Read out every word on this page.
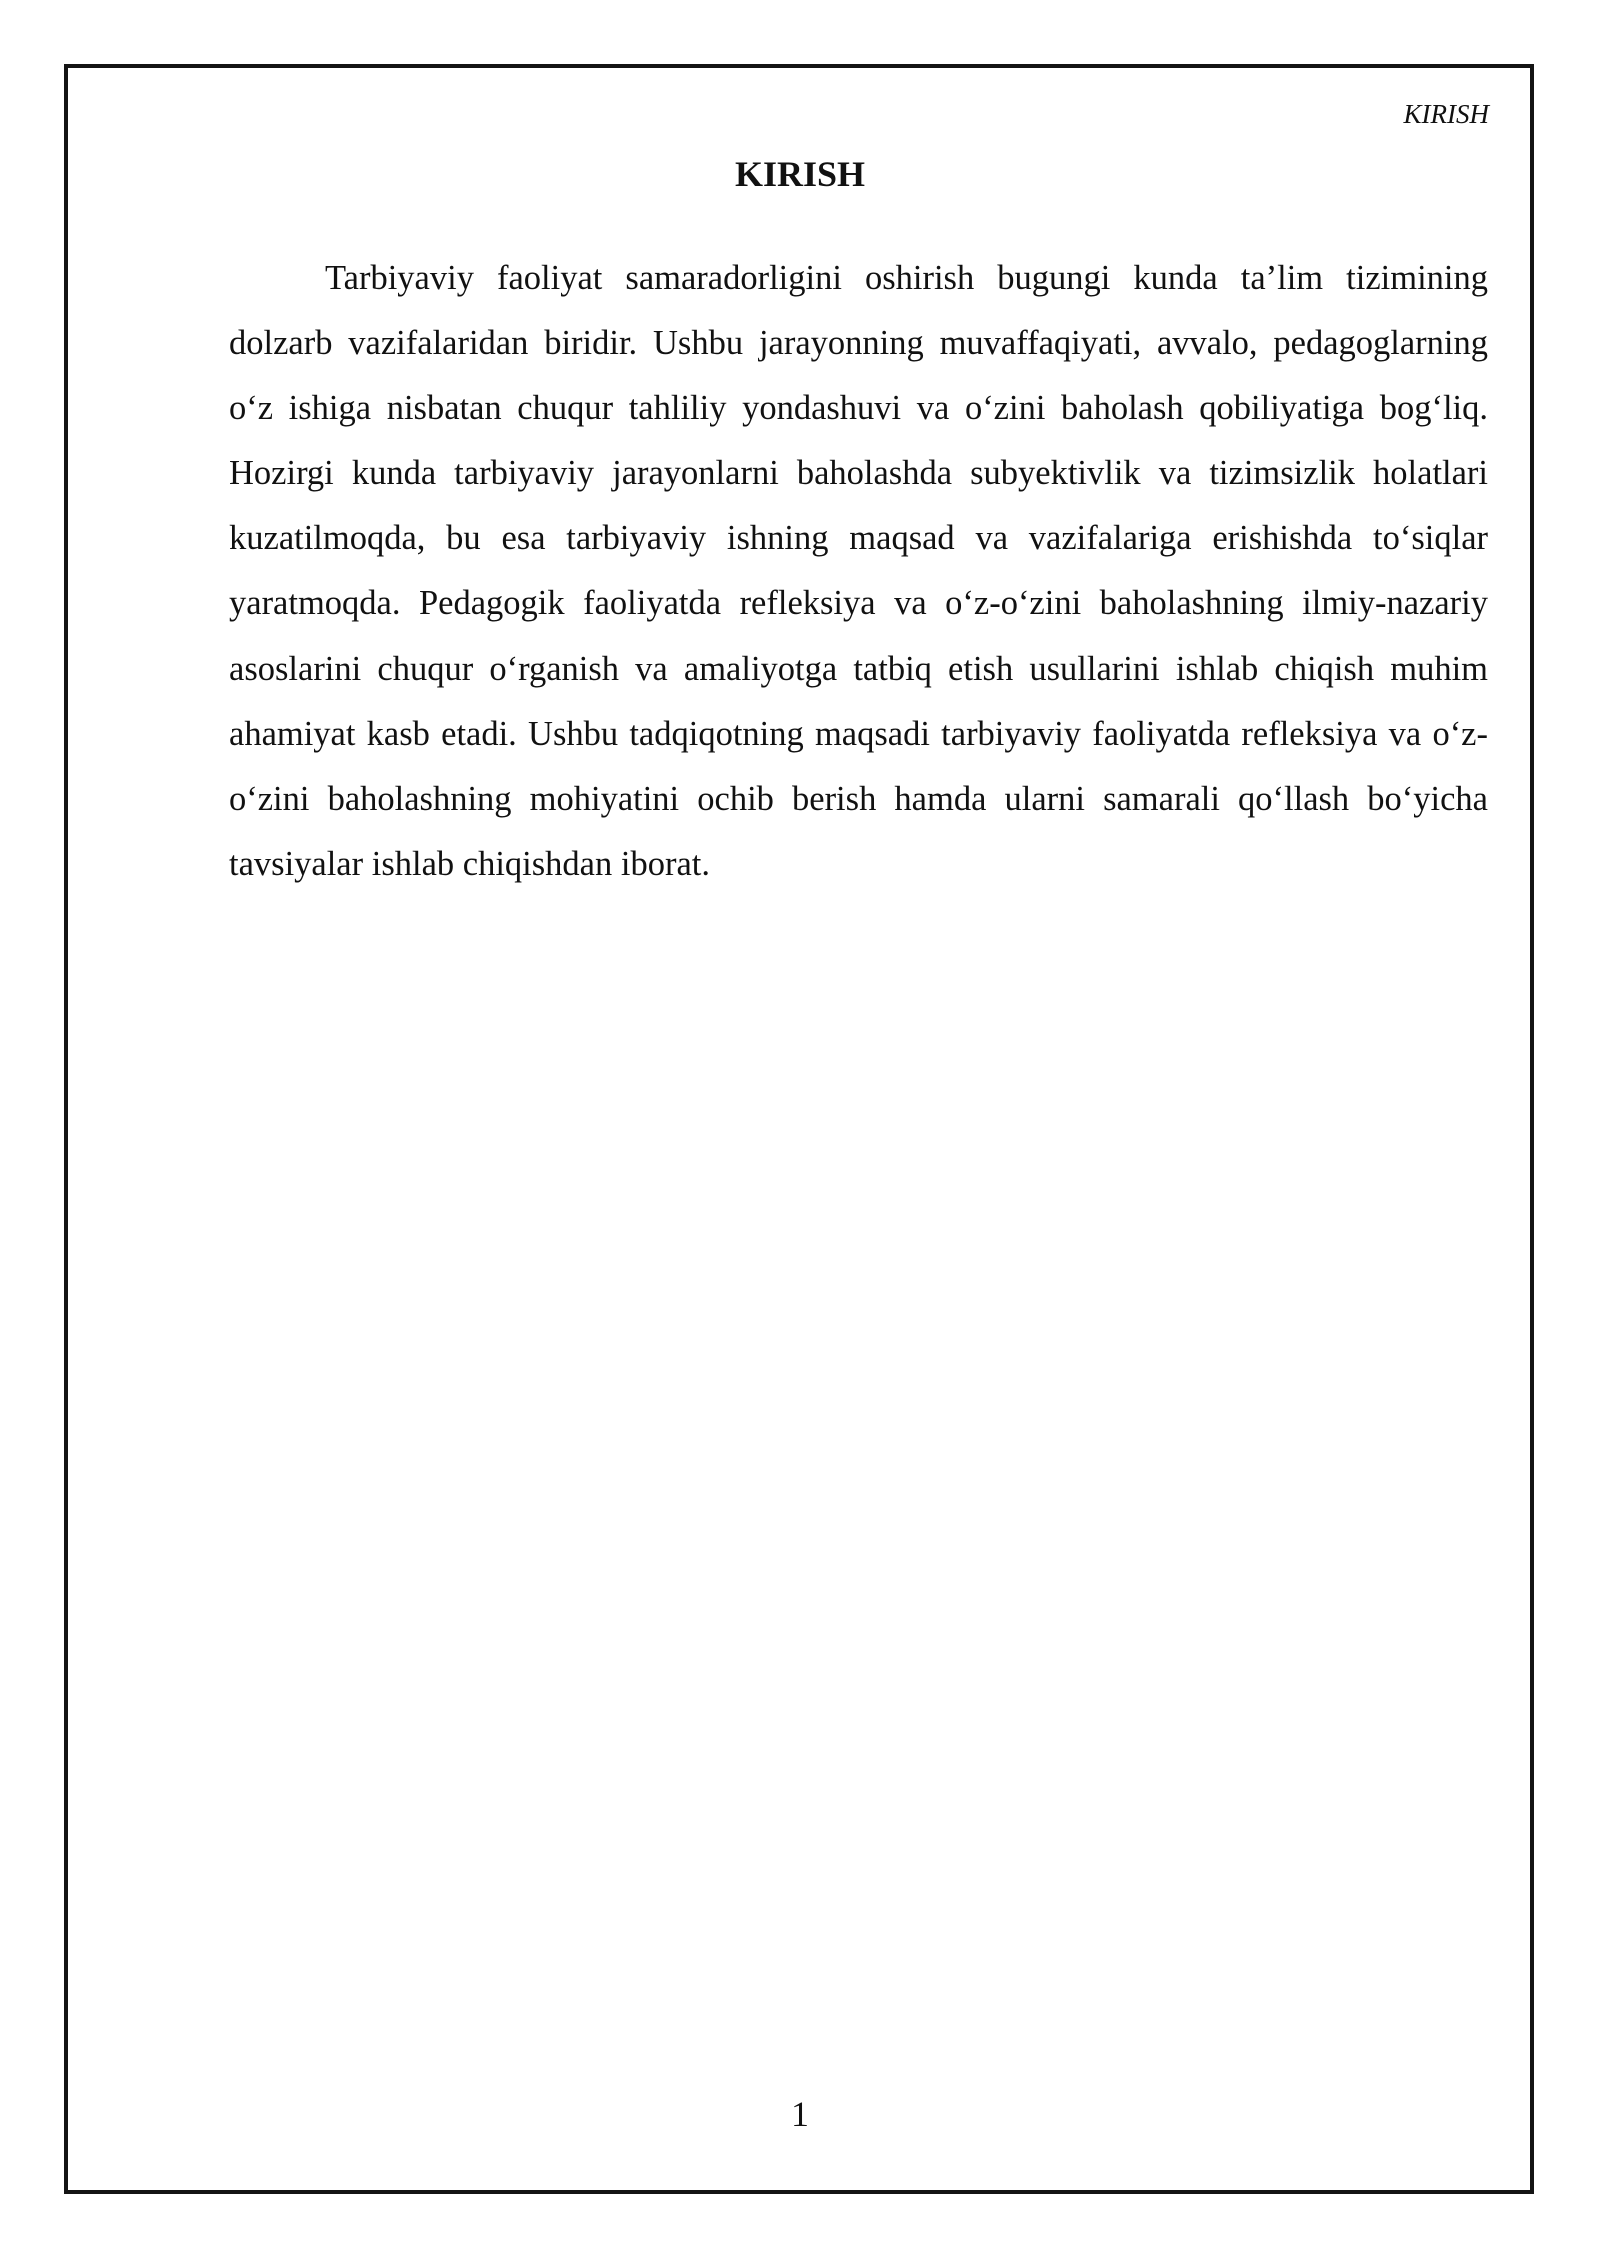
KIRISH
KIRISH

Tarbiyaviy faoliyat samaradorligini oshirish bugungi kunda ta’lim tizimining dolzarb vazifalaridan biridir. Ushbu jarayonning muvaffaqiyati, avvalo, pedagoglarning o‘z ishiga nisbatan chuqur tahliliy yondashuvi va o‘zini baholash qobiliyatiga bog‘liq. Hozirgi kunda tarbiyaviy jarayonlarni baholashda subyektivlik va tizimsizlik holatlari kuzatilmoqda, bu esa tarbiyaviy ishning maqsad va vazifalariga erishishda to‘siqlar yaratmoqda. Pedagogik faoliyatda refleksiya va o‘z-o‘zini baholashning ilmiy-nazariy asoslarini chuqur o‘rganish va amaliyotga tatbiq etish usullarini ishlab chiqish muhim ahamiyat kasb etadi. Ushbu tadqiqotning maqsadi tarbiyaviy faoliyatda refleksiya va o‘z-o‘zini baholashning mohiyatini ochib berish hamda ularni samarali qo‘llash bo‘yicha tavsiyalar ishlab chiqishdan iborat.

1
